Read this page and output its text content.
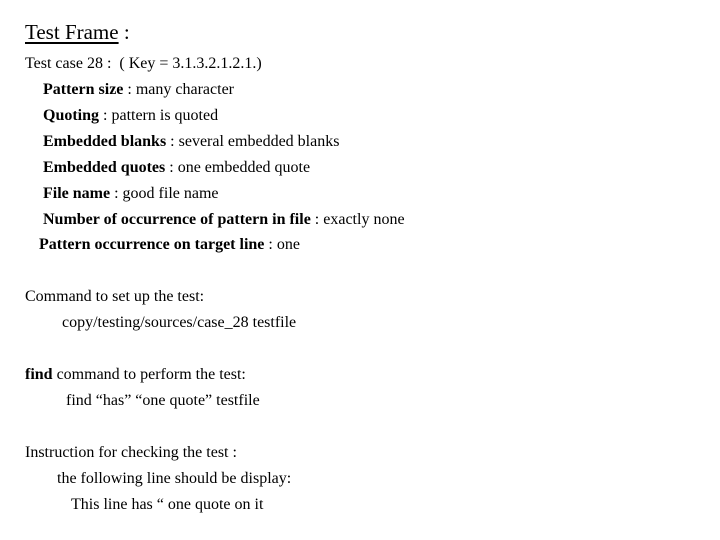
Test Frame :
Test case 28 :  ( Key = 3.1.3.2.1.2.1.)
Pattern size : many character
Quoting : pattern is quoted
Embedded blanks : several embedded blanks
Embedded quotes : one embedded quote
File name : good file name
Number of occurrence of pattern in file : exactly none
Pattern occurrence on target line : one
Command to set up the test:
copy/testing/sources/case_28 testfile
find command to perform the test:
find “has” “one quote” testfile
Instruction for checking the test :
the following line should be display:
This line has “ one quote on it
